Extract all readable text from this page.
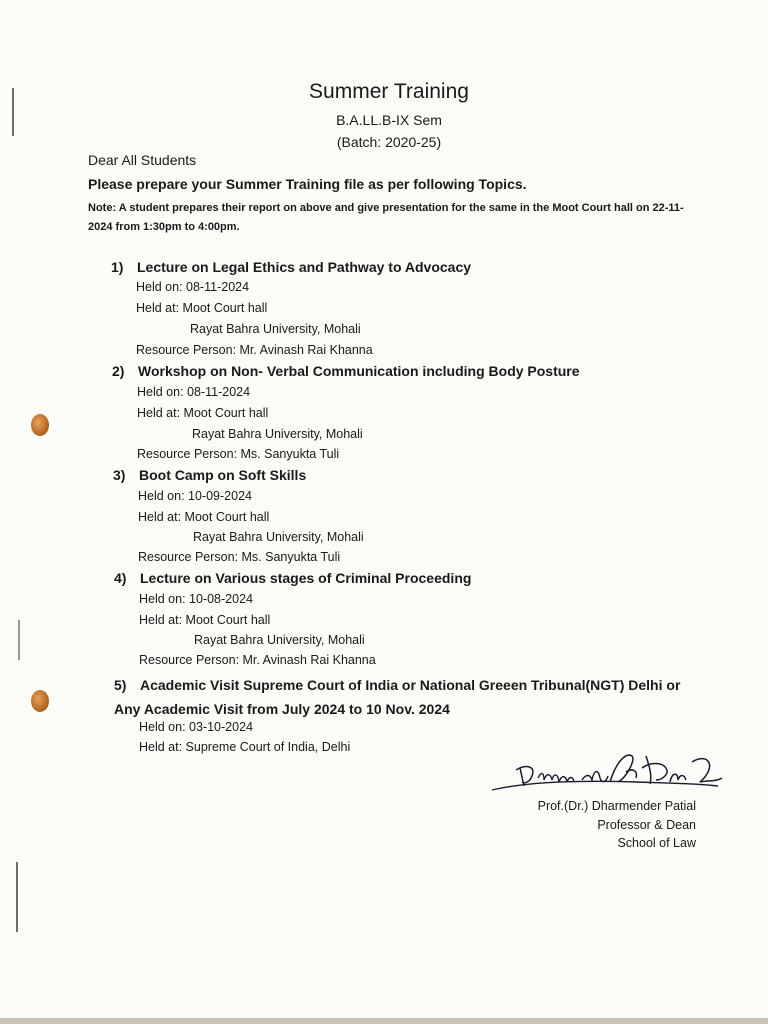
Summer Training
B.A.LL.B-IX Sem
(Batch: 2020-25)
Dear All Students
Please prepare your Summer Training file as per following Topics.
Note: A student prepares their report on above and give presentation for the same in the Moot Court hall on 22-11-2024 from 1:30pm to 4:00pm.
1) Lecture on Legal Ethics and Pathway to Advocacy
Held on: 08-11-2024
Held at: Moot Court hall
Rayat Bahra University, Mohali
Resource Person: Mr. Avinash Rai Khanna
2) Workshop on Non- Verbal Communication including Body Posture
Held on: 08-11-2024
Held at: Moot Court hall
Rayat Bahra University, Mohali
Resource Person: Ms. Sanyukta Tuli
3) Boot Camp on Soft Skills
Held on: 10-09-2024
Held at: Moot Court hall
Rayat Bahra University, Mohali
Resource Person: Ms. Sanyukta Tuli
4) Lecture on Various stages of Criminal Proceeding
Held on: 10-08-2024
Held at: Moot Court hall
Rayat Bahra University, Mohali
Resource Person: Mr. Avinash Rai Khanna
5) Academic Visit Supreme Court of India or National Greeen Tribunal(NGT) Delhi or Any Academic Visit from July 2024 to 10 Nov. 2024
Held on: 03-10-2024
Held at: Supreme Court of India, Delhi
Prof.(Dr.) Dharmender Patial
Professor & Dean
School of Law
